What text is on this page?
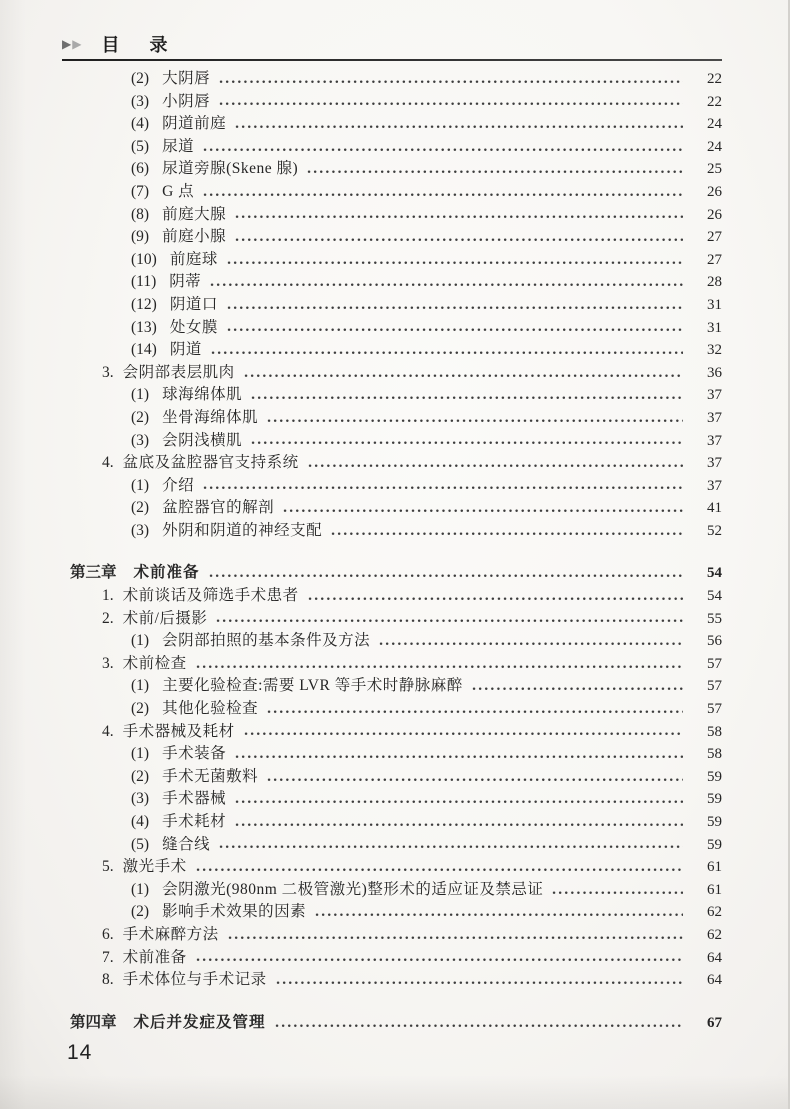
▶ ▶ 目　录
(2) 大阴唇	22
(3) 小阴唇	22
(4) 阴道前庭	24
(5) 尿道	24
(6) 尿道旁腺(Skene 腺)	25
(7) G 点	26
(8) 前庭大腺	26
(9) 前庭小腺	27
(10) 前庭球	27
(11) 阴蒂	28
(12) 阴道口	31
(13) 处女膜	31
(14) 阴道	32
3. 会阴部表层肌肉	36
(1) 球海绵体肌	37
(2) 坐骨海绵体肌	37
(3) 会阴浅横肌	37
4. 盆底及盆腔器官支持系统	37
(1) 介绍	37
(2) 盆腔器官的解剖	41
(3) 外阴和阴道的神经支配	52
第三章 术前准备	54
1. 术前谈话及筛选手术患者	54
2. 术前/后摄影	55
(1) 会阴部拍照的基本条件及方法	56
3. 术前检查	57
(1) 主要化验检查:需要 LVR 等手术时静脉麻醉	57
(2) 其他化验检查	57
4. 手术器械及耗材	58
(1) 手术装备	58
(2) 手术无菌敷料	59
(3) 手术器械	59
(4) 手术耗材	59
(5) 缝合线	59
5. 激光手术	61
(1) 会阴激光(980nm 二极管激光)整形术的适应证及禁忌证	61
(2) 影响手术效果的因素	62
6. 手术麻醉方法	62
7. 术前准备	64
8. 手术体位与手术记录	64
第四章 术后并发症及管理	67
14
